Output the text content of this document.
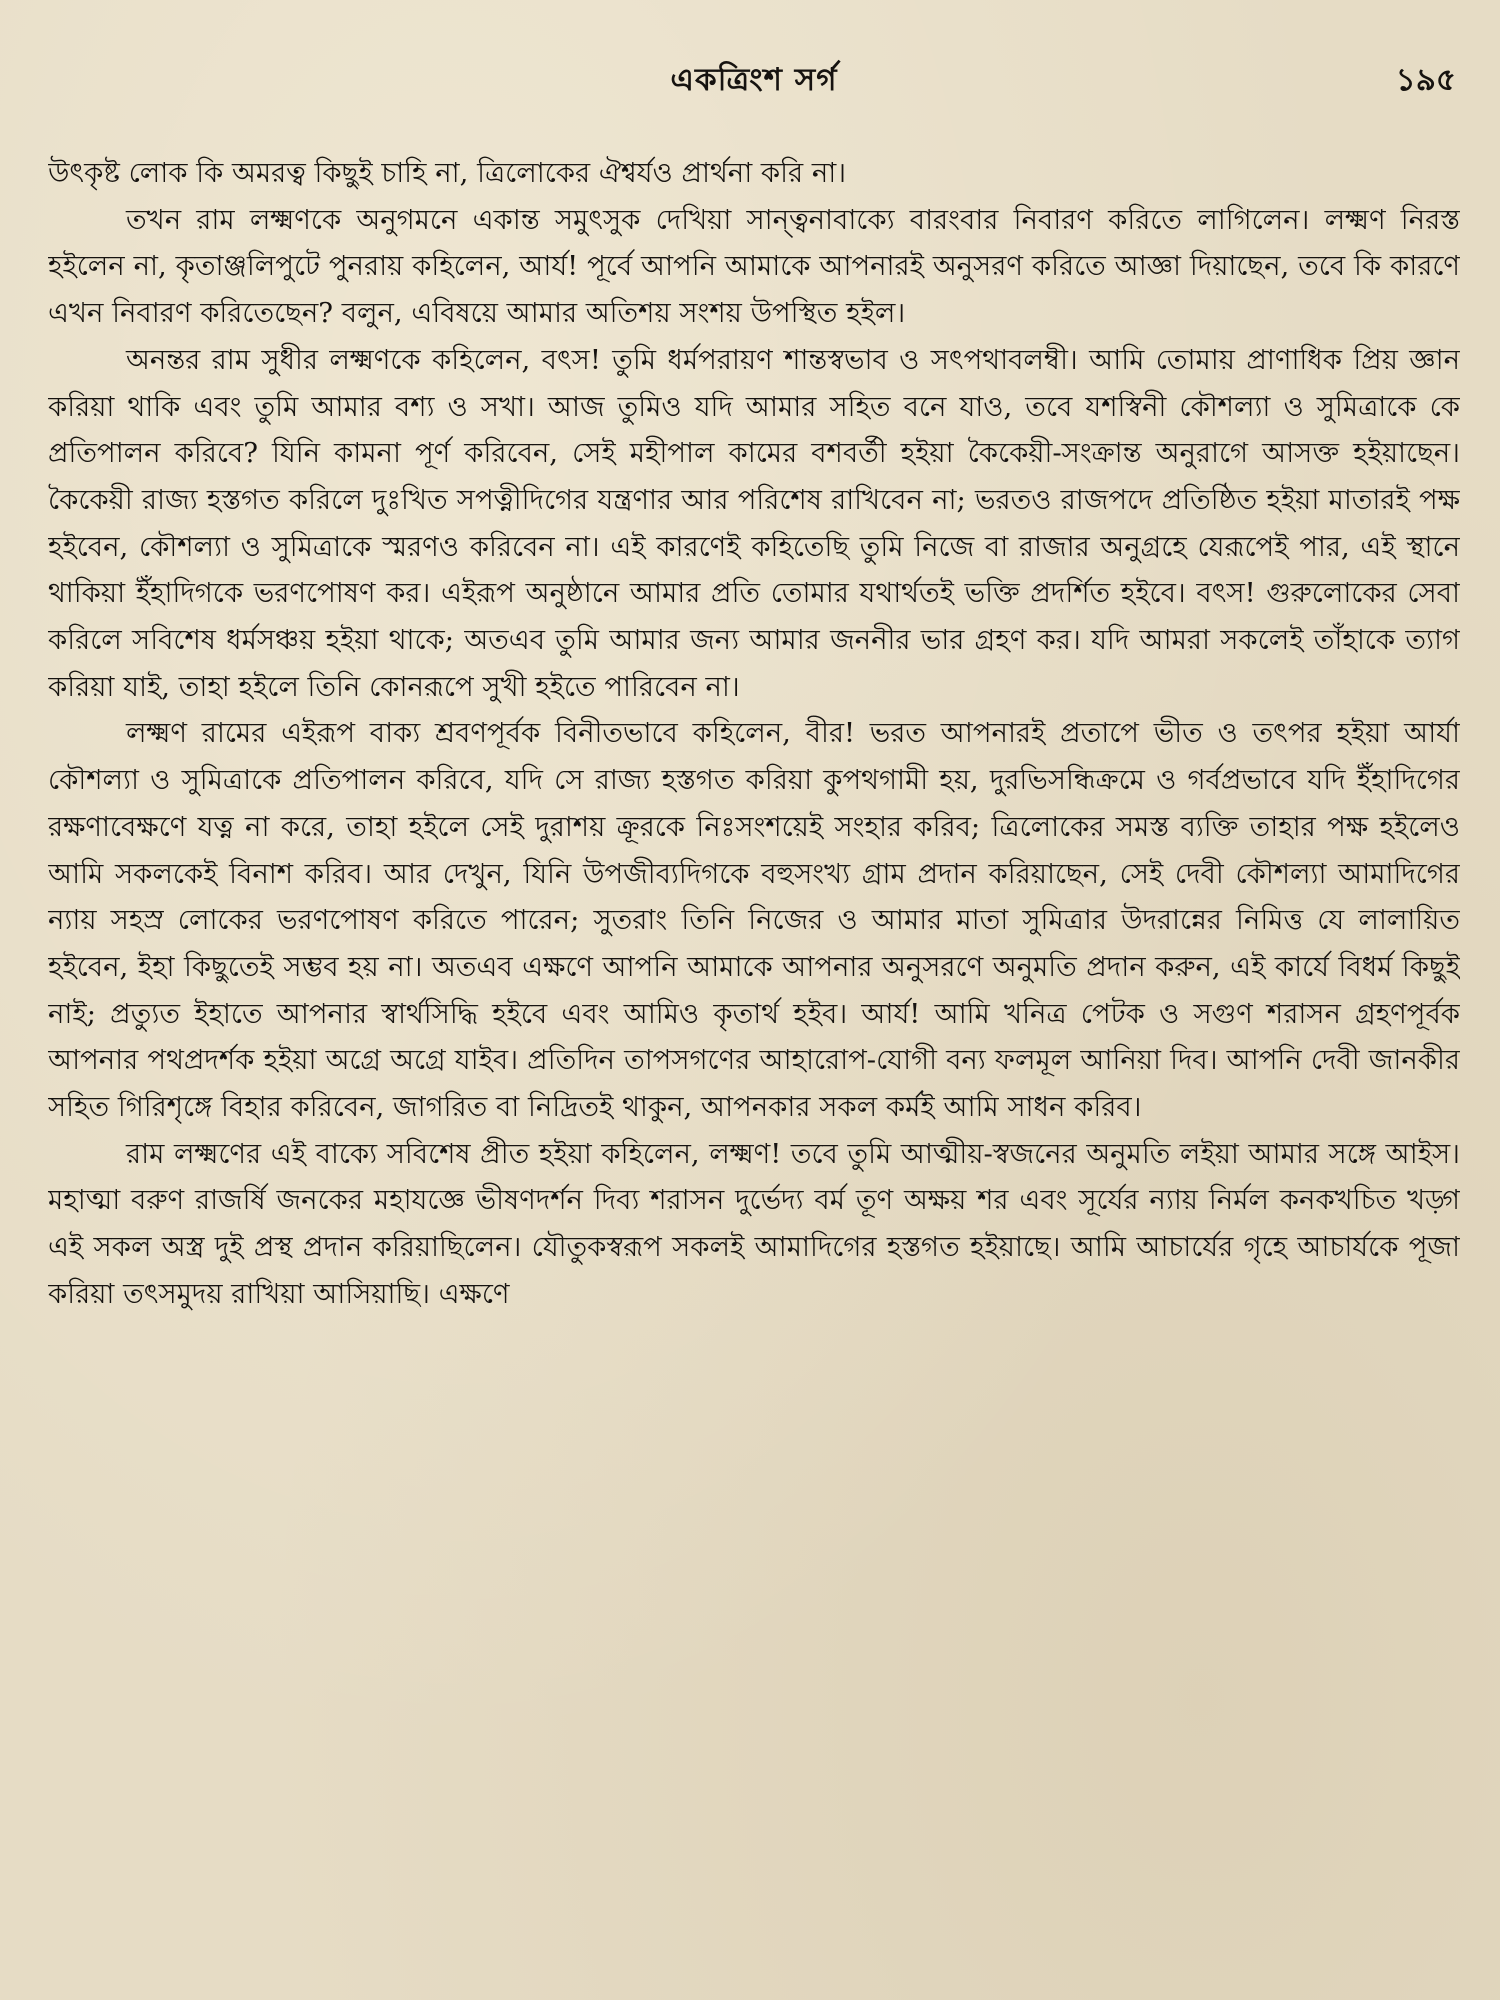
একত্রিংশ সর্গ	১৯৫

উৎকৃষ্ট লোক কি অমরত্ব কিছুই চাহি না, ত্রিলোকের ঐশ্বর্যও প্রার্থনা করি না।

তখন রাম লক্ষ্মণকে অনুগমনে একান্ত সমুৎসুক দেখিয়া সান্ত্বনাবাক্যে বারংবার নিবারণ করিতে লাগিলেন। লক্ষ্মণ নিরস্ত হইলেন না, কৃতাঞ্জলিপুটে পুনরায় কহিলেন, আর্য! পূর্বে আপনি আমাকে আপনারই অনুসরণ করিতে আজ্ঞা দিয়াছেন, তবে কি কারণে এখন নিবারণ করিতেছেন? বলুন, এবিষয়ে আমার অতিশয় সংশয় উপস্থিত হইল।

অনন্তর রাম সুধীর লক্ষ্মণকে কহিলেন, বৎস! তুমি ধর্মপরায়ণ শান্তস্বভাব ও সৎপথাবলম্বী। আমি তোমায় প্রাণাধিক প্রিয় জ্ঞান করিয়া থাকি এবং তুমি আমার বশ্য ও সখা। আজ তুমিও যদি আমার সহিত বনে যাও, তবে যশস্বিনী কৌশল্যা ও সুমিত্রাকে কে প্রতিপালন করিবে? যিনি কামনা পূর্ণ করিবেন, সেই মহীপাল কামের বশবর্তী হইয়া কৈকেয়ী-সংক্রান্ত অনুরাগে আসক্ত হইয়াছেন। কৈকেয়ী রাজ্য হস্তগত করিলে দুঃখিত সপত্নীদিগের যন্ত্রণার আর পরিশেষ রাখিবেন না; ভরতও রাজপদে প্রতিষ্ঠিত হইয়া মাতারই পক্ষ হইবেন, কৌশল্যা ও সুমিত্রাকে স্মরণও করিবেন না। এই কারণেই কহিতেছি তুমি নিজে বা রাজার অনুগ্রহে যেরূপেই পার, এই স্থানে থাকিয়া ইঁহাদিগকে ভরণপোষণ কর। এইরূপ অনুষ্ঠানে আমার প্রতি তোমার যথার্থতই ভক্তি প্রদর্শিত হইবে। বৎস! গুরুলোকের সেবা করিলে সবিশেষ ধর্মসঞ্চয় হইয়া থাকে; অতএব তুমি আমার জন্য আমার জননীর ভার গ্রহণ কর। যদি আমরা সকলেই তাঁহাকে ত্যাগ করিয়া যাই, তাহা হইলে তিনি কোনরূপে সুখী হইতে পারিবেন না।

লক্ষ্মণ রামের এইরূপ বাক্য শ্রবণপূর্বক বিনীতভাবে কহিলেন, বীর! ভরত আপনারই প্রতাপে ভীত ও তৎপর হইয়া আর্যা কৌশল্যা ও সুমিত্রাকে প্রতিপালন করিবে, যদি সে রাজ্য হস্তগত করিয়া কুপথগামী হয়, দুরভিসন্ধিক্রমে ও গর্বপ্রভাবে যদি ইঁহাদিগের রক্ষণাবেক্ষণে যত্ন না করে, তাহা হইলে সেই দুরাশয় ক্রূরকে নিঃসংশয়েই সংহার করিব; ত্রিলোকের সমস্ত ব্যক্তি তাহার পক্ষ হইলেও আমি সকলকেই বিনাশ করিব। আর দেখুন, যিনি উপজীব্যদিগকে বহুসংখ্য গ্রাম প্রদান করিয়াছেন, সেই দেবী কৌশল্যা আমাদিগের ন্যায় সহস্র লোকের ভরণপোষণ করিতে পারেন; সুতরাং তিনি নিজের ও আমার মাতা সুমিত্রার উদরান্নের নিমিত্ত যে লালায়িত হইবেন, ইহা কিছুতেই সম্ভব হয় না। অতএব এক্ষণে আপনি আমাকে আপনার অনুসরণে অনুমতি প্রদান করুন, এই কার্যে বিধর্ম কিছুই নাই; প্রত্যুত ইহাতে আপনার স্বার্থসিদ্ধি হইবে এবং আমিও কৃতার্থ হইব। আর্য! আমি খনিত্র পেটক ও সগুণ শরাসন গ্রহণপূর্বক আপনার পথপ্রদর্শক হইয়া অগ্রে অগ্রে যাইব। প্রতিদিন তাপসগণের আহারোপ-যোগী বন্য ফলমূল আনিয়া দিব। আপনি দেবী জানকীর সহিত গিরিশৃঙ্গে বিহার করিবেন, জাগরিত বা নিদ্রিতই থাকুন, আপনকার সকল কর্মই আমি সাধন করিব।

রাম লক্ষ্মণের এই বাক্যে সবিশেষ প্রীত হইয়া কহিলেন, লক্ষ্মণ! তবে তুমি আত্মীয়-স্বজনের অনুমতি লইয়া আমার সঙ্গে আইস। মহাত্মা বরুণ রাজর্ষি জনকের মহাযজ্ঞে ভীষণদর্শন দিব্য শরাসন দুর্ভেদ্য বর্ম তূণ অক্ষয় শর এবং সূর্যের ন্যায় নির্মল কনকখচিত খড়্গ এই সকল অস্ত্র দুই প্রস্থ প্রদান করিয়াছিলেন। যৌতুকস্বরূপ সকলই আমাদিগের হস্তগত হইয়াছে। আমি আচার্যের গৃহে আচার্যকে পূজা করিয়া তৎসমুদয় রাখিয়া আসিয়াছি। এক্ষণে
